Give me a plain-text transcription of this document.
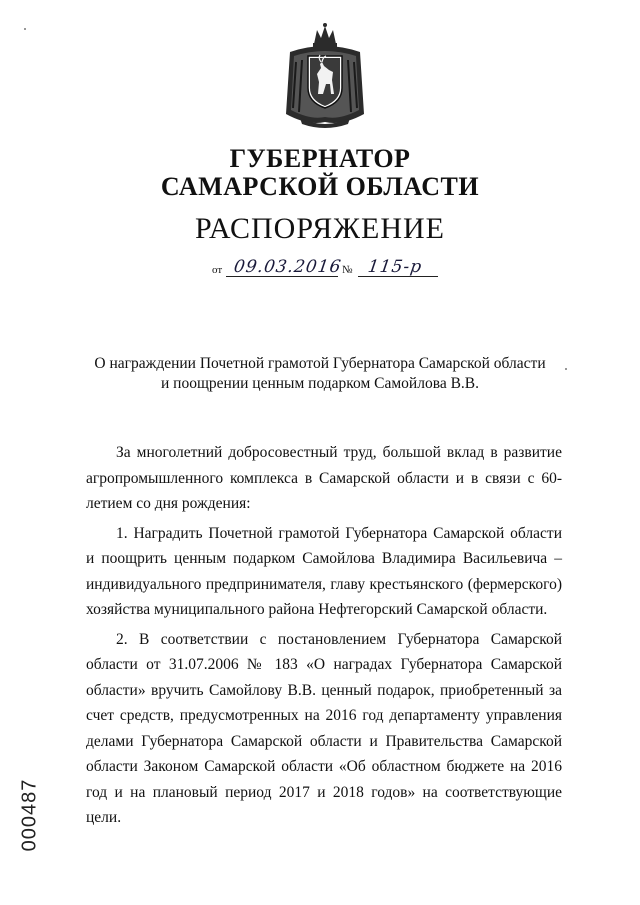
ГУБЕРНАТОР
САМАРСКОЙ ОБЛАСТИ
РАСПОРЯЖЕНИЕ
от 09.03.2016 № 115-р
О награждении Почетной грамотой Губернатора Самарской области
и поощрении ценным подарком Самойлова В.В.

За многолетний добросовестный труд, большой вклад в развитие агропромышленного комплекса в Самарской области и в связи с 60-летием со дня рождения:

1. Наградить Почетной грамотой Губернатора Самарской области и поощрить ценным подарком Самойлова Владимира Васильевича – индивидуального предпринимателя, главу крестьянского (фермерского) хозяйства муниципального района Нефтегорский Самарской области.

2. В соответствии с постановлением Губернатора Самарской области от 31.07.2006 № 183 «О наградах Губернатора Самарской области» вручить Самойлову В.В. ценный подарок, приобретенный за счет средств, предусмотренных на 2016 год департаменту управления делами Губернатора Самарской области и Правительства Самарской области Законом Самарской области «Об областном бюджете на 2016 год и на плановый период 2017 и 2018 годов» на соответствующие цели.

000487
